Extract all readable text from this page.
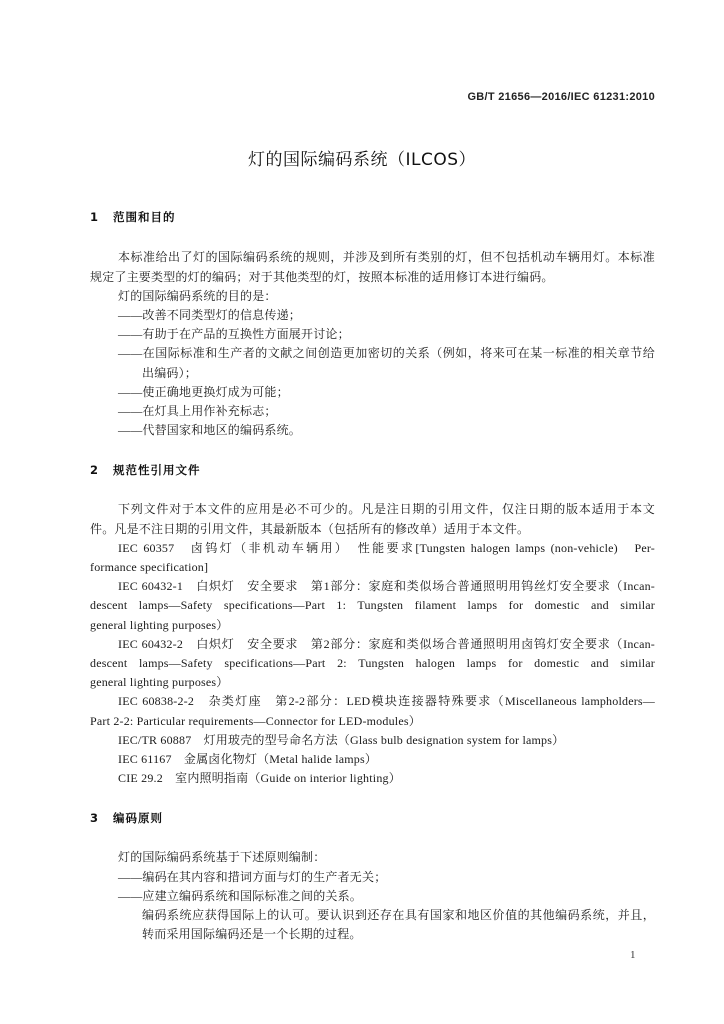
GB/T 21656—2016/IEC 61231:2010
灯的国际编码系统（ILCOS）
1 范围和目的
本标准给出了灯的国际编码系统的规则，并涉及到所有类别的灯，但不包括机动车辆用灯。本标准
规定了主要类型的灯的编码；对于其他类型的灯，按照本标准的适用修订本进行编码。
灯的国际编码系统的目的是：
——改善不同类型灯的信息传递；
——有助于在产品的互换性方面展开讨论；
——在国际标准和生产者的文献之间创造更加密切的关系（例如，将来可在某一标准的相关章节给
出编码）；
——使正确地更换灯成为可能；
——在灯具上用作补充标志；
——代替国家和地区的编码系统。
2 规范性引用文件
下列文件对于本文件的应用是必不可少的。凡是注日期的引用文件，仅注日期的版本适用于本文
件。凡是不注日期的引用文件，其最新版本（包括所有的修改单）适用于本文件。
IEC 60357　卤钨灯（非机动车辆用）　性能要求[Tungsten halogen lamps (non-vehicle)　Per-
formance specification]
IEC 60432-1　白炽灯　安全要求　第1部分：家庭和类似场合普通照明用钨丝灯安全要求（Incan-
descent lamps—Safety specifications—Part 1: Tungsten filament lamps for domestic and similar
general lighting purposes）
IEC 60432-2　白炽灯　安全要求　第2部分：家庭和类似场合普通照明用卤钨灯安全要求（Incan-
descent lamps—Safety specifications—Part 2: Tungsten halogen lamps for domestic and similar
general lighting purposes）
IEC 60838-2-2　杂类灯座　第2-2部分：LED模块连接器特殊要求（Miscellaneous lampholders—
Part 2-2: Particular requirements—Connector for LED-modules）
IEC/TR 60887　灯用玻壳的型号命名方法（Glass bulb designation system for lamps）
IEC 61167　金属卤化物灯（Metal halide lamps）
CIE 29.2　室内照明指南（Guide on interior lighting）
3 编码原则
灯的国际编码系统基于下述原则编制：
——编码在其内容和措词方面与灯的生产者无关；
——应建立编码系统和国际标准之间的关系。
编码系统应获得国际上的认可。要认识到还存在具有国家和地区价值的其他编码系统，并且，
转而采用国际编码还是一个长期的过程。
1
